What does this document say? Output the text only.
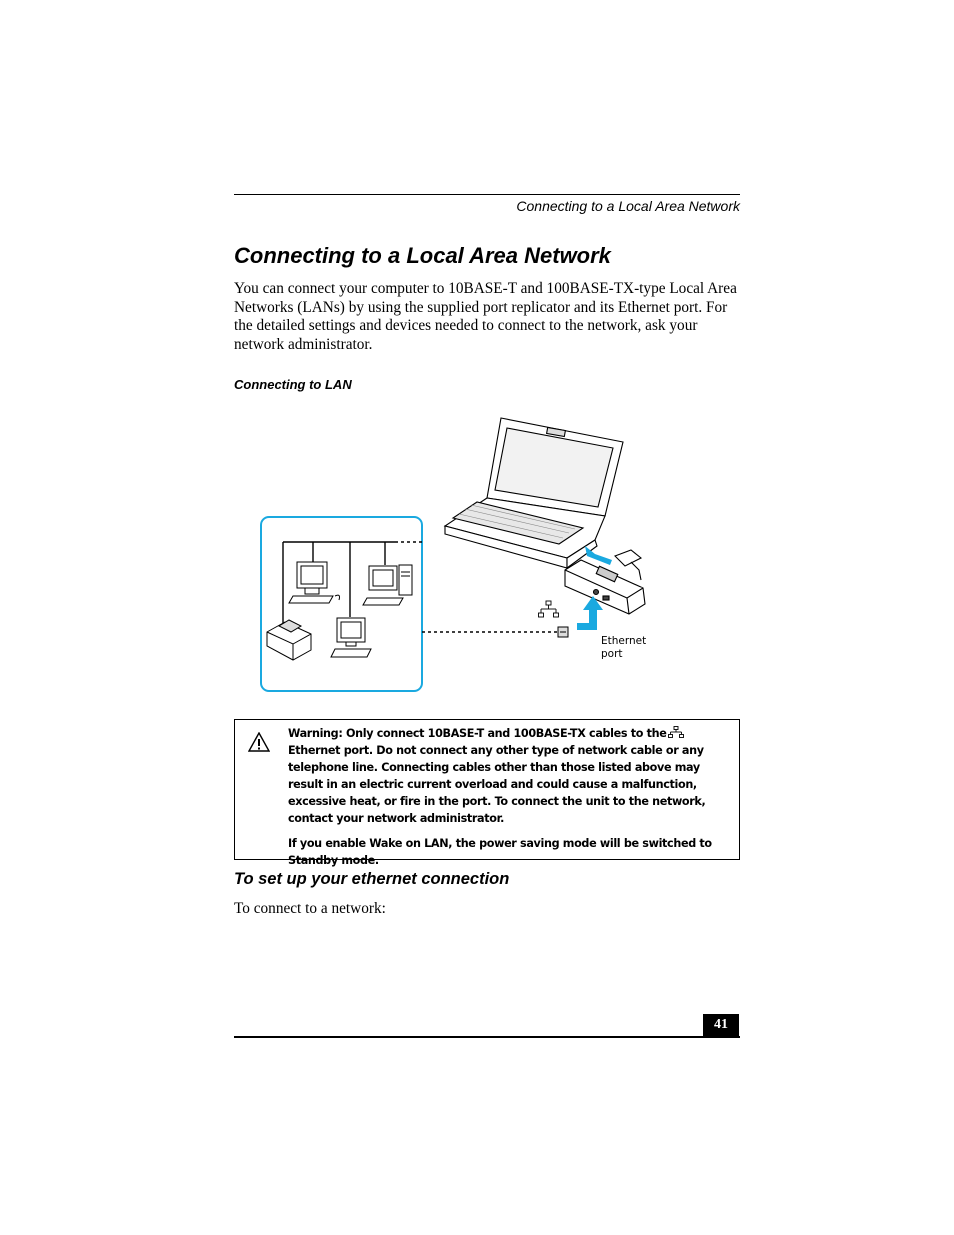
Connecting to a Local Area Network
Connecting to a Local Area Network
You can connect your computer to 10BASE-T and 100BASE-TX-type Local Area Networks (LANs) by using the supplied port replicator and its Ethernet port. For the detailed settings and devices needed to connect to the network, ask your network administrator.
Connecting to LAN
Ethernet
port

Warning: Only connect 10BASE-T and 100BASE-TX cables to theEthernet port. Do not connect any other type of network cable or any telephone line. Connecting cables other than those listed above may result in an electric current overload and could cause a malfunction, excessive heat, or fire in the port. To connect the unit to the network, contact your network administrator.

If you enable Wake on LAN, the power saving mode will be switched to Standby mode.

To set up your ethernet connection
To connect to a network:
41
